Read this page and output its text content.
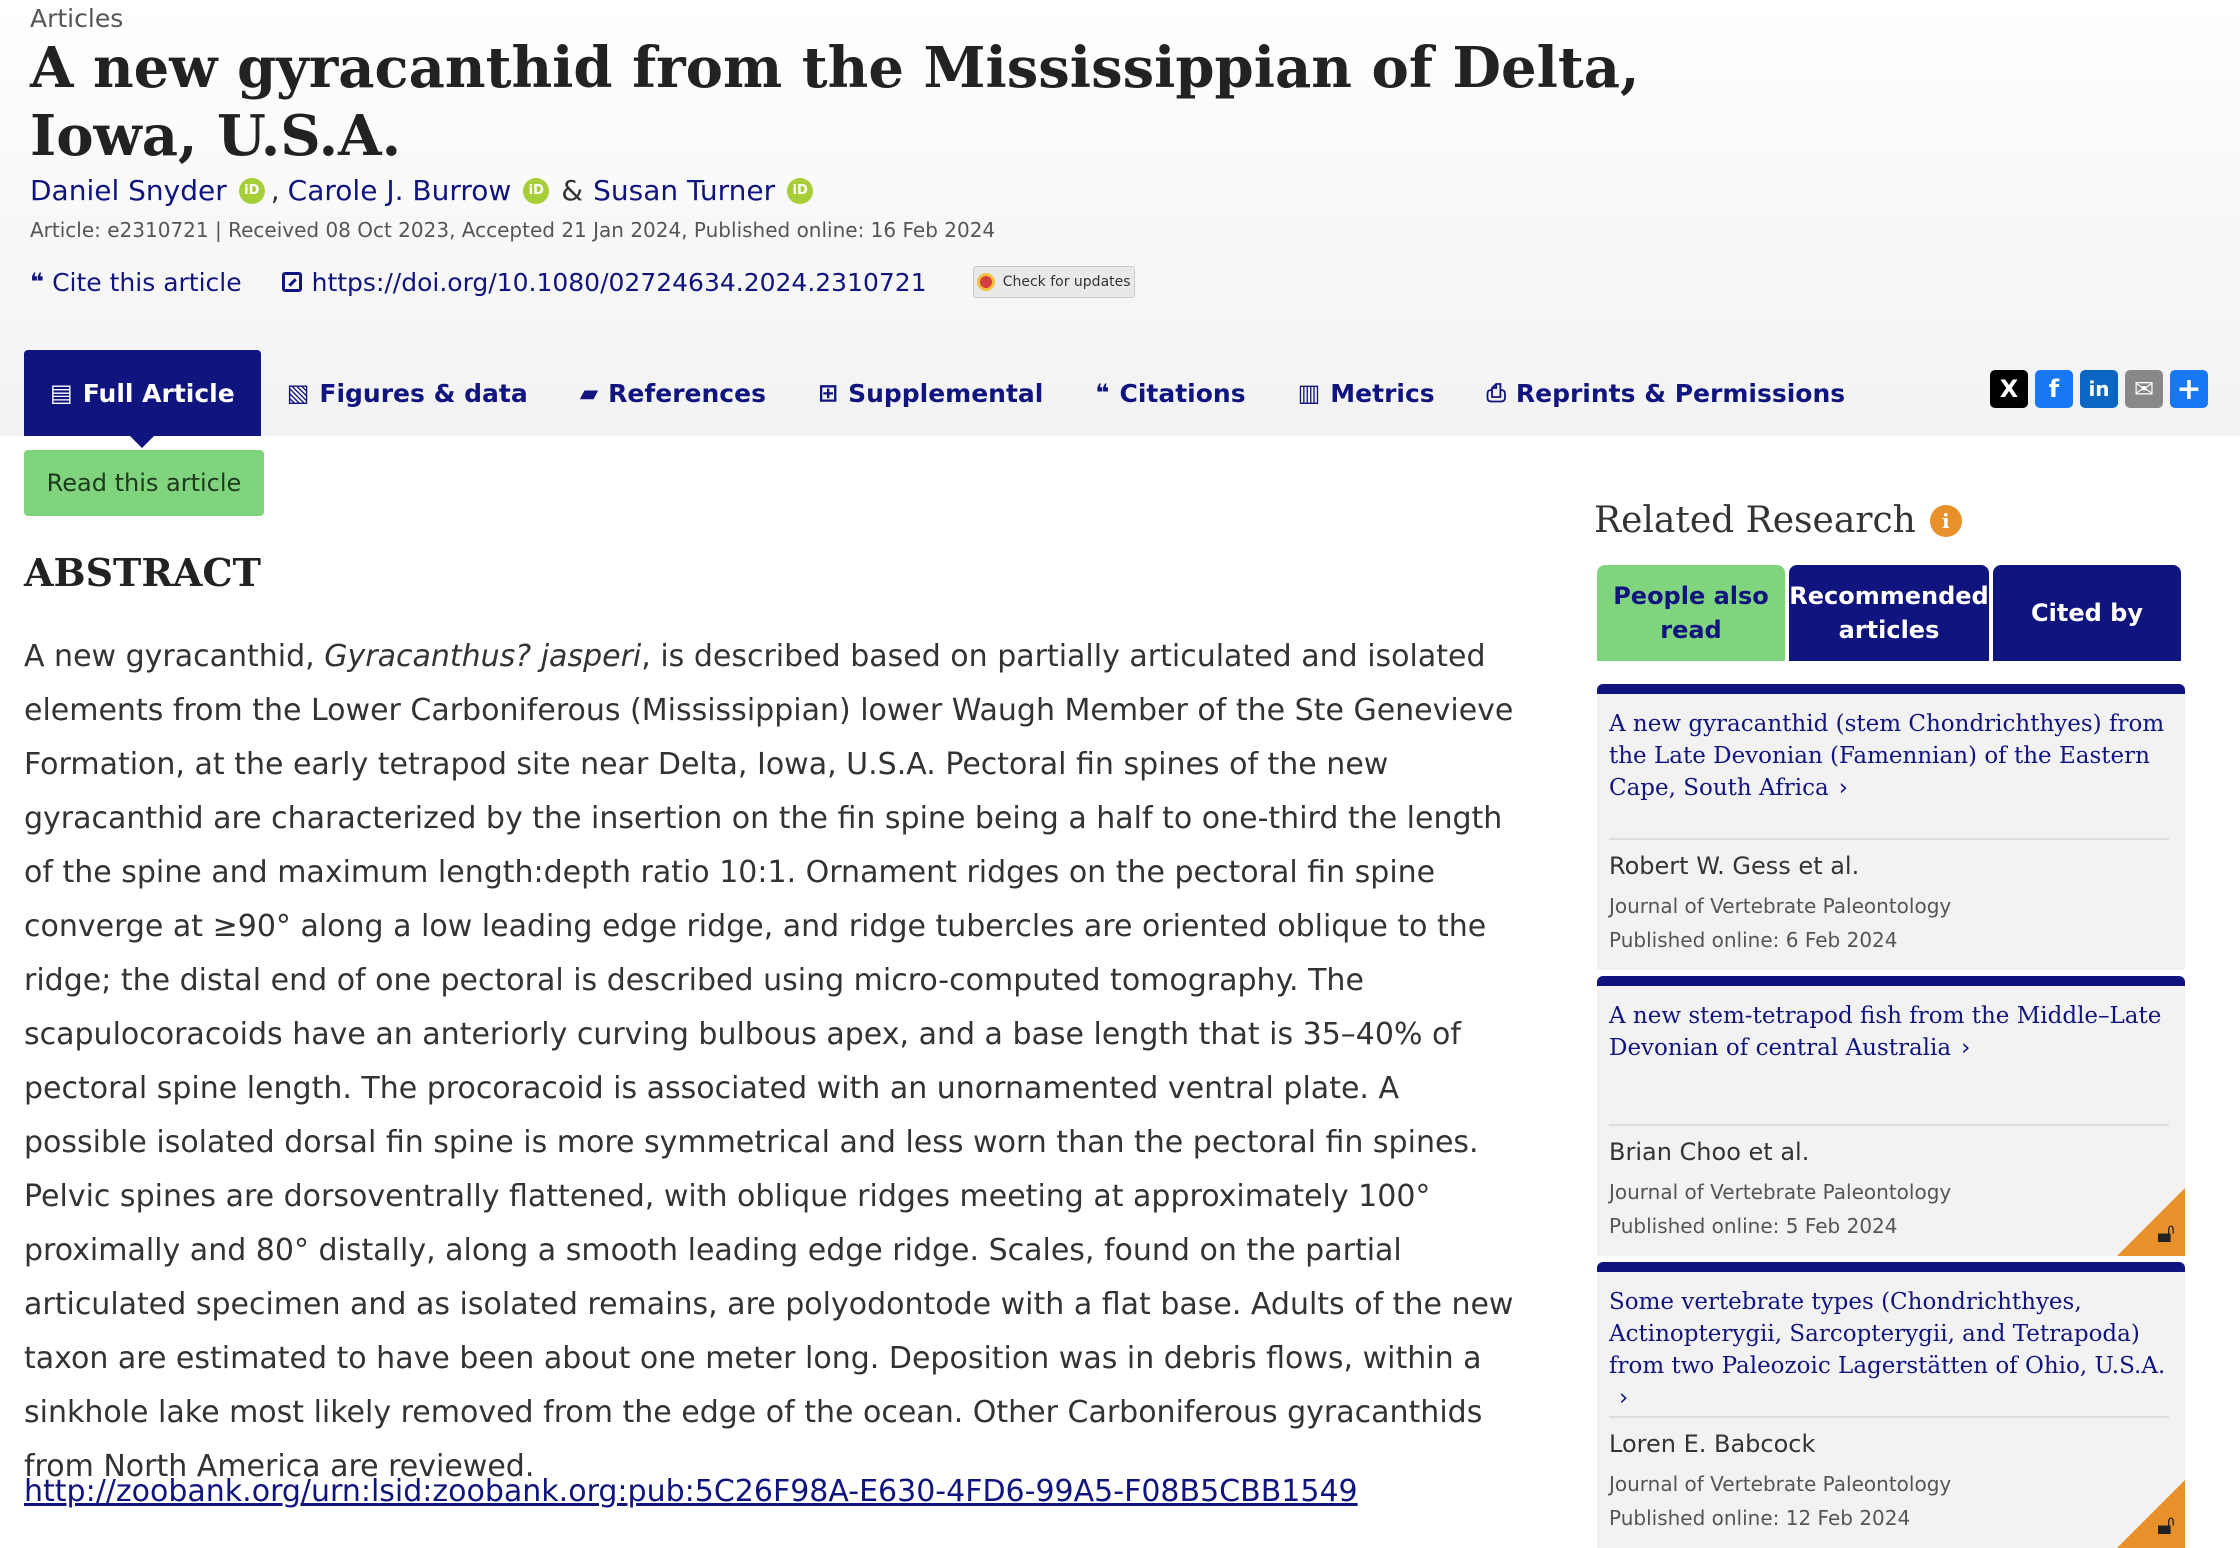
Articles
A new gyracanthid from the Mississippian of Delta, Iowa, U.S.A.
Daniel Snyder	iD , Carole J. Burrow	iD & Susan Turner	iD
Article: e2310721 | Received 08 Oct 2023, Accepted 21 Jan 2024, Published online: 16 Feb 2024
❝ Cite this article	https://doi.org/10.1080/02724634.2024.2310721	Check for updates
▤ Full Article ▧ Figures & data ▰ References ⊞ Supplemental ❝ Citations ▥ Metrics ⎙ Reprints & Permissions	X	f	in	✉ +
Read this article
ABSTRACT

A new gyracanthid, Gyracanthus? jasperi, is described based on partially articulated and isolated elements from the Lower Carboniferous (Mississippian) lower Waugh Member of the Ste Genevieve Formation, at the early tetrapod site near Delta, Iowa, U.S.A. Pectoral fin spines of the new gyracanthid are characterized by the insertion on the fin spine being a half to one-third the length of the spine and maximum length:depth ratio 10:1. Ornament ridges on the pectoral fin spine converge at ≥90° along a low leading edge ridge, and ridge tubercles are oriented oblique to the ridge; the distal end of one pectoral is described using micro-computed tomography. The scapulocoracoids have an anteriorly curving bulbous apex, and a base length that is 35–40% of pectoral spine length. The procoracoid is associated with an unornamented ventral plate. A possible isolated dorsal fin spine is more symmetrical and less worn than the pectoral fin spines. Pelvic spines are dorsoventrally flattened, with oblique ridges meeting at approximately 100° proximally and 80° distally, along a smooth leading edge ridge. Scales, found on the partial articulated specimen and as isolated remains, are polyodontode with a flat base. Adults of the new taxon are estimated to have been about one meter long. Deposition was in debris flows, within a sinkhole lake most likely removed from the edge of the ocean. Other Carboniferous gyracanthids from North America are reviewed.

http://zoobank.org/urn:lsid:zoobank.org:pub:5C26F98A-E630-4FD6-99A5-F08B5CBB1549
Related Research	i
People also read
Recommended articles
Cited by
A new gyracanthid (stem Chondrichthyes) from the Late Devonian (Famennian) of the Eastern Cape, South Africa ›
Robert W. Gess et al.
Journal of Vertebrate Paleontology
Published online: 6 Feb 2024
A new stem-tetrapod fish from the Middle–Late Devonian of central Australia ›
Brian Choo et al.
Journal of Vertebrate Paleontology
Published online: 5 Feb 2024	🔓︎
Some vertebrate types (Chondrichthyes, Actinopterygii, Sarcopterygii, and Tetrapoda) from two Paleozoic Lagerstätten of Ohio, U.S.A.›
Loren E. Babcock
Journal of Vertebrate Paleontology
Published online: 12 Feb 2024	🔓︎
